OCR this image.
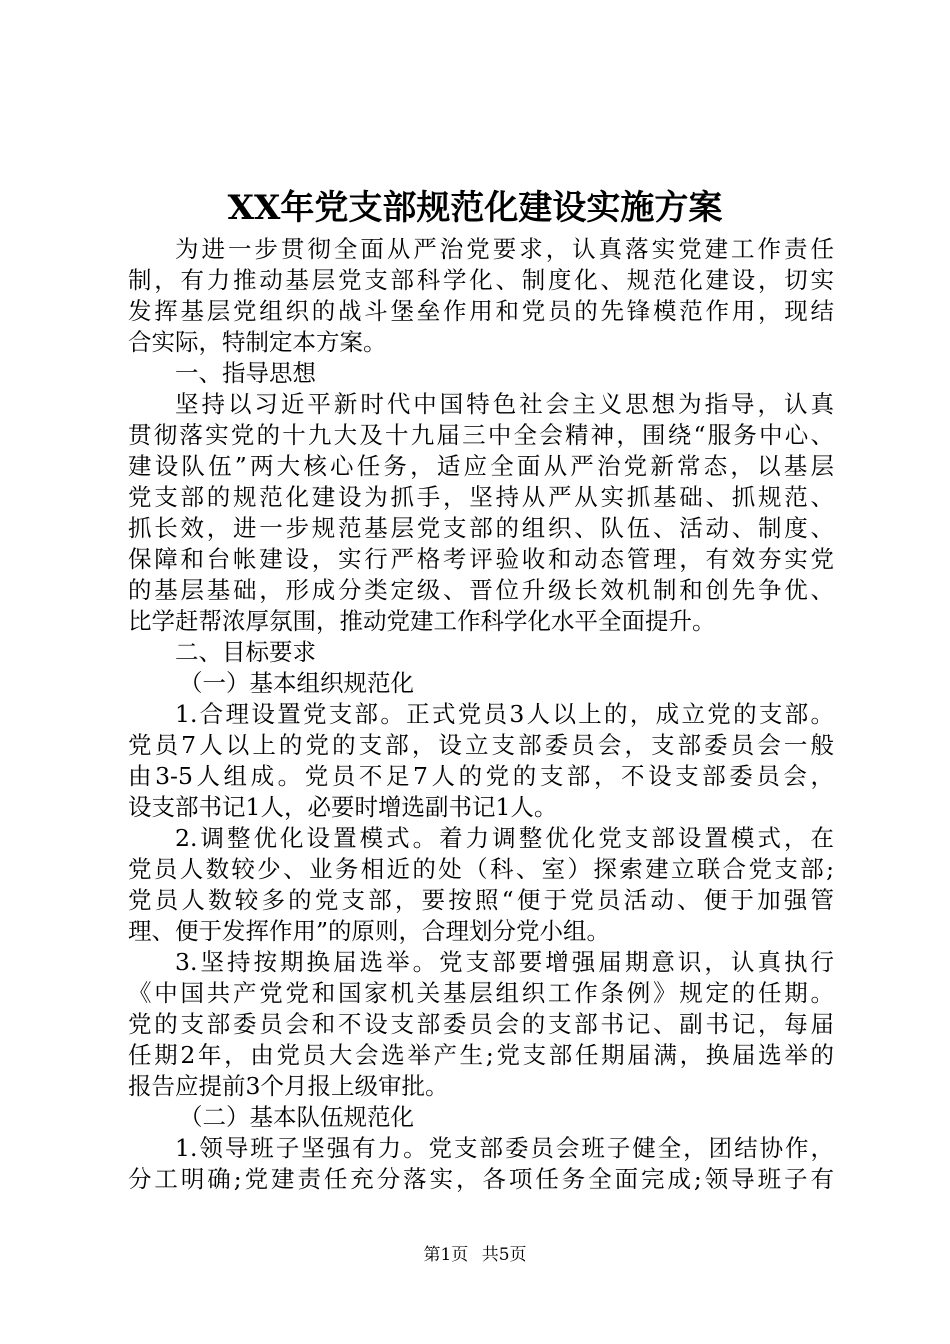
XX年党支部规范化建设实施方案
为进一步贯彻全面从严治党要求，认真落实党建工作责任
制，有力推动基层党支部科学化、制度化、规范化建设，切实
发挥基层党组织的战斗堡垒作用和党员的先锋模范作用，现结
合实际，特制定本方案。
一、指导思想
坚持以习近平新时代中国特色社会主义思想为指导，认真
贯彻落实党的十九大及十九届三中全会精神，围绕“服务中心、
建设队伍”两大核心任务，适应全面从严治党新常态，以基层
党支部的规范化建设为抓手，坚持从严从实抓基础、抓规范、
抓长效，进一步规范基层党支部的组织、队伍、活动、制度、
保障和台帐建设，实行严格考评验收和动态管理，有效夯实党
的基层基础，形成分类定级、晋位升级长效机制和创先争优、
比学赶帮浓厚氛围，推动党建工作科学化水平全面提升。
二、目标要求
（一）基本组织规范化
1.合理设置党支部。正式党员3人以上的，成立党的支部。
党员7人以上的党的支部，设立支部委员会，支部委员会一般
由3-5人组成。党员不足7人的党的支部，不设支部委员会，
设支部书记1人，必要时增选副书记1人。
2.调整优化设置模式。着力调整优化党支部设置模式，在
党员人数较少、业务相近的处（科、室）探索建立联合党支部;
党员人数较多的党支部，要按照“便于党员活动、便于加强管
理、便于发挥作用”的原则，合理划分党小组。
3.坚持按期换届选举。党支部要增强届期意识，认真执行
《中国共产党党和国家机关基层组织工作条例》规定的任期。
党的支部委员会和不设支部委员会的支部书记、副书记，每届
任期2年，由党员大会选举产生;党支部任期届满，换届选举的
报告应提前3个月报上级审批。
（二）基本队伍规范化
1.领导班子坚强有力。党支部委员会班子健全，团结协作，
分工明确;党建责任充分落实，各项任务全面完成;领导班子有
第1页 共5页
